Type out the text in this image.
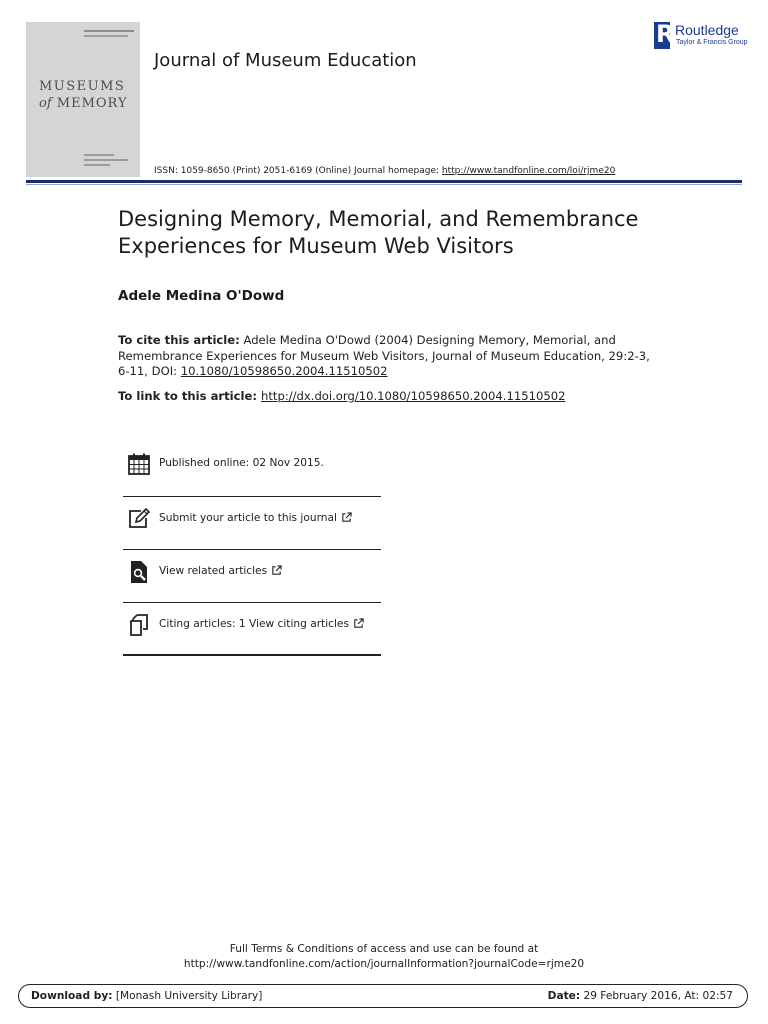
MUSEUMS
of MEMORY
Journal of Museum Education
R Routledge
Taylor & Francis Group
ISSN: 1059-8650 (Print) 2051-6169 (Online) Journal homepage: http://www.tandfonline.com/loi/rjme20
Designing Memory, Memorial, and Remembrance
Experiences for Museum Web Visitors
Adele Medina O'Dowd
To cite this article: Adele Medina O'Dowd (2004) Designing Memory, Memorial, and Remembrance Experiences for Museum Web Visitors, Journal of Museum Education, 29:2-3, 6-11, DOI: 10.1080/10598650.2004.11510502
To link to this article: http://dx.doi.org/10.1080/10598650.2004.11510502
Published online: 02 Nov 2015.
Submit your article to this journal
View related articles
Citing articles: 1 View citing articles
Full Terms & Conditions of access and use can be found at
http://www.tandfonline.com/action/journalInformation?journalCode=rjme20
Download by: [Monash University Library]	Date: 29 February 2016, At: 02:57
